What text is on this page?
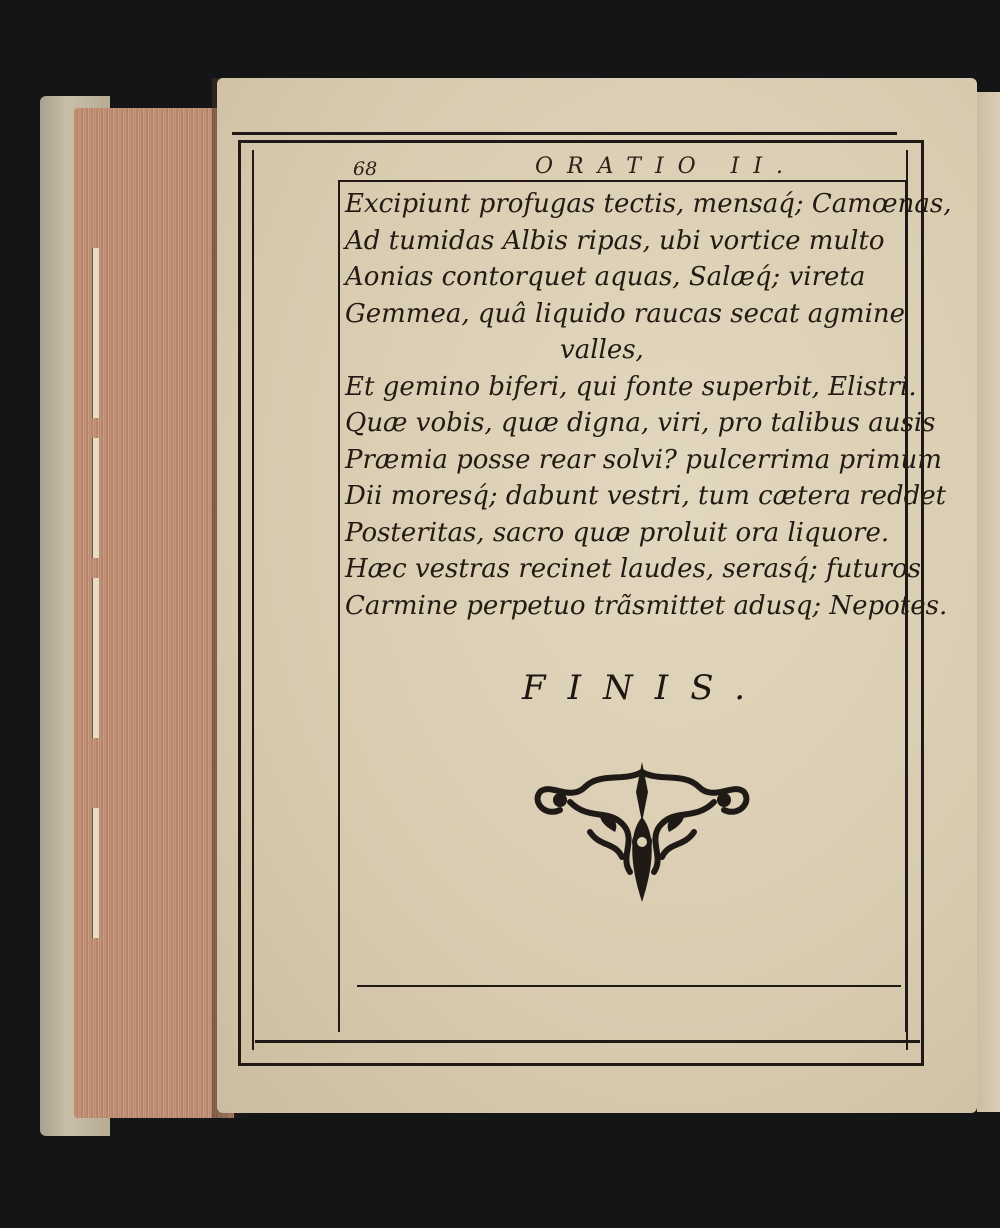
68	ORATIO II.
Excipiunt profugas tectis, mensaq́; Camœnas,
Ad tumidas Albis ripas, ubi vortice multo
Aonias contorquet aquas, Salæq́; vireta
Gemmea, quâ liquido raucas secat agmine
valles,
Et gemino biferi, qui fonte superbit, Elistri.
Quæ vobis, quæ digna, viri, pro talibus ausis
Præmia posse rear solvi? pulcerrima primum
Dii moresq́; dabunt vestri, tum cætera reddet
Posteritas, sacro quæ proluit ora liquore.
Hæc vestras recinet laudes, serasq́; futuros
Carmine perpetuo trãsmittet adusq; Nepotes.
FINIS.
